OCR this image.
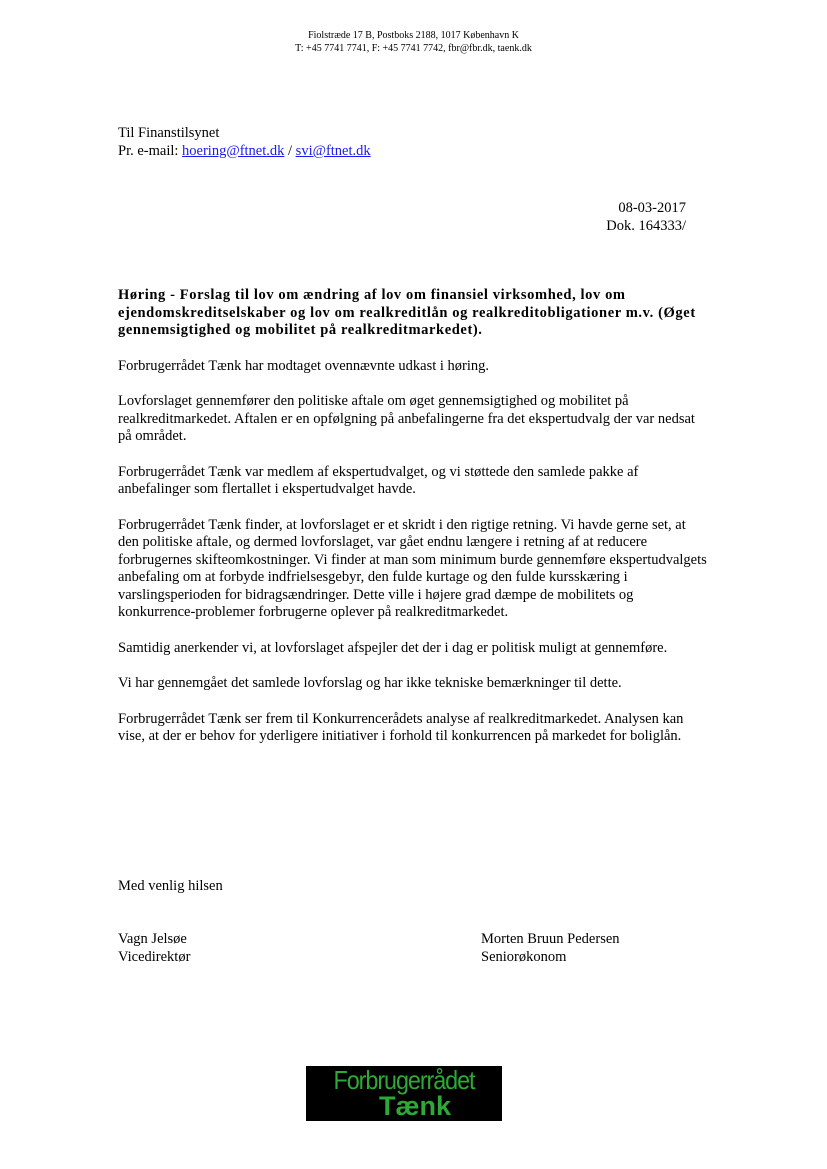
Fiolstræde 17 B, Postboks 2188, 1017 København K
T: +45 7741 7741, F: +45 7741 7742, fbr@fbr.dk, taenk.dk
Til Finanstilsynet
Pr. e-mail: hoering@ftnet.dk / svi@ftnet.dk
08-03-2017
Dok. 164333/
Høring - Forslag til lov om ændring af lov om finansiel virksomhed, lov om ejendomskreditselskaber og lov om realkreditlån og realkreditobligationer m.v. (Øget gennemsigtighed og mobilitet på realkreditmarkedet).

Forbrugerrådet Tænk har modtaget ovennævnte udkast i høring.

Lovforslaget gennemfører den politiske aftale om øget gennemsigtighed og mobilitet på realkreditmarkedet. Aftalen er en opfølgning på anbefalingerne fra det ekspertudvalg der var nedsat på området.

Forbrugerrådet Tænk var medlem af ekspertudvalget, og vi støttede den samlede pakke af anbefalinger som flertallet i ekspertudvalget havde.

Forbrugerrådet Tænk finder, at lovforslaget er et skridt i den rigtige retning. Vi havde gerne set, at den politiske aftale, og dermed lovforslaget, var gået endnu længere i retning af at reducere forbrugernes skifteomkostninger. Vi finder at man som minimum burde gennemføre ekspertudvalgets anbefaling om at forbyde indfrielsesgebyr, den fulde kurtage og den fulde kursskæring i varslingsperioden for bidragsændringer. Dette ville i højere grad dæmpe de mobilitets og konkurrence-problemer forbrugerne oplever på realkreditmarkedet.

Samtidig anerkender vi, at lovforslaget afspejler det der i dag er politisk muligt at gennemføre.

Vi har gennemgået det samlede lovforslag og har ikke tekniske bemærkninger til dette.

Forbrugerrådet Tænk ser frem til Konkurrencerådets analyse af realkreditmarkedet. Analysen kan vise, at der er behov for yderligere initiativer i forhold til konkurrencen på markedet for boliglån.

Med venlig hilsen
Vagn Jelsøe
Vicedirektør
Morten Bruun Pedersen
Seniorøkonom
Forbrugerrådet
Tænk
